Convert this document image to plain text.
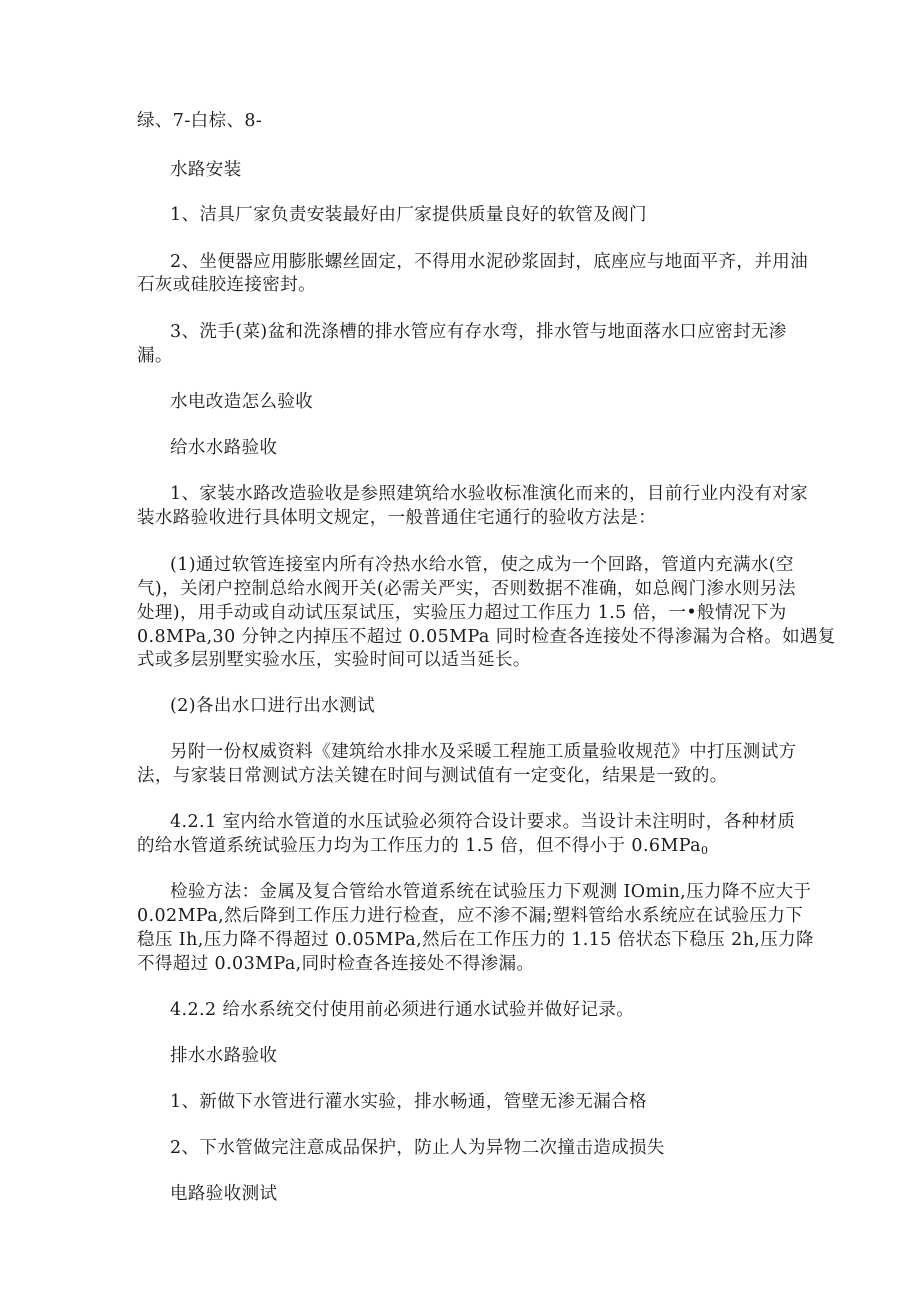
绿、7-白棕、8-
水路安装
1、洁具厂家负责安装最好由厂家提供质量良好的软管及阀门
2、坐便器应用膨胀螺丝固定，不得用水泥砂浆固封，底座应与地面平齐，并用油
石灰或硅胶连接密封。
3、洗手(菜)盆和洗涤槽的排水管应有存水弯，排水管与地面落水口应密封无渗
漏。
水电改造怎么验收
给水水路验收
1、家装水路改造验收是参照建筑给水验收标准演化而来的，目前行业内没有对家
装水路验收进行具体明文规定，一般普通住宅通行的验收方法是：
(1)通过软管连接室内所有冷热水给水管，使之成为一个回路，管道内充满水(空
气)，关闭户控制总给水阀开关(必需关严实，否则数据不准确，如总阀门渗水则另法
处理)，用手动或自动试压泵试压，实验压力超过工作压力 1.5 倍，一•般情况下为
0.8MPa,30 分钟之内掉压不超过 0.05MPa 同时检查各连接处不得渗漏为合格。如遇复
式或多层别墅实验水压，实验时间可以适当延长。
(2)各出水口进行出水测试
另附一份权威资料《建筑给水排水及采暖工程施工质量验收规范》中打压测试方
法，与家装日常测试方法关键在时间与测试值有一定变化，结果是一致的。
4.2.1 室内给水管道的水压试验必须符合设计要求。当设计未注明时，各种材质
的给水管道系统试验压力均为工作压力的 1.5 倍，但不得小于 0.6MPa$_0$
检验方法：金属及复合管给水管道系统在试验压力下观测 IOmin,压力降不应大于
0.02MPa,然后降到工作压力进行检查，应不渗不漏;塑料管给水系统应在试验压力下
稳压 Ih,压力降不得超过 0.05MPa,然后在工作压力的 1.15 倍状态下稳压 2h,压力降
不得超过 0.03MPa,同时检查各连接处不得渗漏。
4.2.2 给水系统交付使用前必须进行通水试验并做好记录。
排水水路验收
1、新做下水管进行灌水实验，排水畅通，管壁无渗无漏合格
2、下水管做完注意成品保护，防止人为异物二次撞击造成损失
电路验收测试
